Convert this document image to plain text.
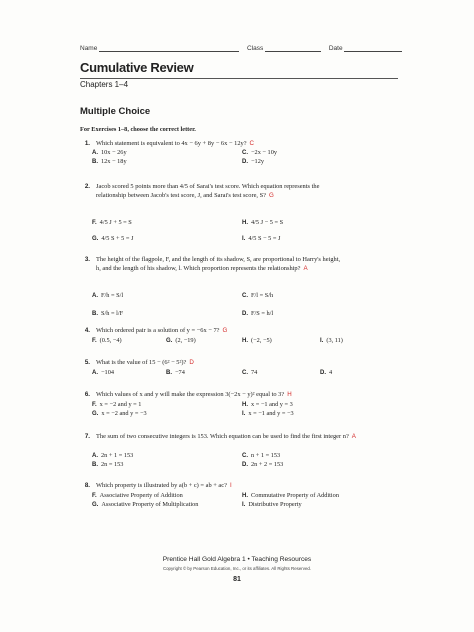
Name	Class	Date
Cumulative Review
Chapters 1–4
Multiple Choice
For Exercises 1–8, choose the correct letter.
1. Which statement is equivalent to 4x − 6y + 8y − 6x − 12y? C
A. 10x − 26y	C. −2x − 10y
B. 12x − 18y	D. −12y
2. Jacob scored 5 points more than 4/5 of Sarai's test score. Which equation represents the relationship between Jacob's test score, J, and Sarai's test score, S? G
F. 4/5 J + 5 = S	H. 4/5 J − 5 = S
G. 4/5 S + 5 = J	I. 4/5 S − 5 = J
3. The height of the flagpole, F, and the length of its shadow, S, are proportional to Harry's height, h, and the length of his shadow, l. Which proportion represents the relationship? A
A. F/h = S/l	C. F/l = S/h
B. S/h = l/F	D. F/S = h/l
4. Which ordered pair is a solution of y = −6x − 7? G
F. (0.5, −4)	G. (2, −19)	H. (−2, −5)	I. (3, 11)
5. What is the value of 15 − (6² − 5²)? D
A. −104	B. −74	C. 74	D. 4
6. Which values of x and y will make the expression 3(−2x − y)² equal to 3? H
F. x = −2 and y = 1	H. x = −1 and y = 3
G. x = −2 and y = −3	I. x = −1 and y = −3
7. The sum of two consecutive integers is 153. Which equation can be used to find the first integer n? A
A. 2n + 1 = 153	C. n + 1 = 153
B. 2n = 153	D. 2n + 2 = 153
8. Which property is illustrated by a(b + c) = ab + ac? I
F. Associative Property of Addition	H. Commutative Property of Addition
G. Associative Property of Multiplication	I. Distributive Property
Prentice Hall Gold Algebra 1 • Teaching Resources
Copyright © by Pearson Education, Inc., or its affiliates. All Rights Reserved.
81
